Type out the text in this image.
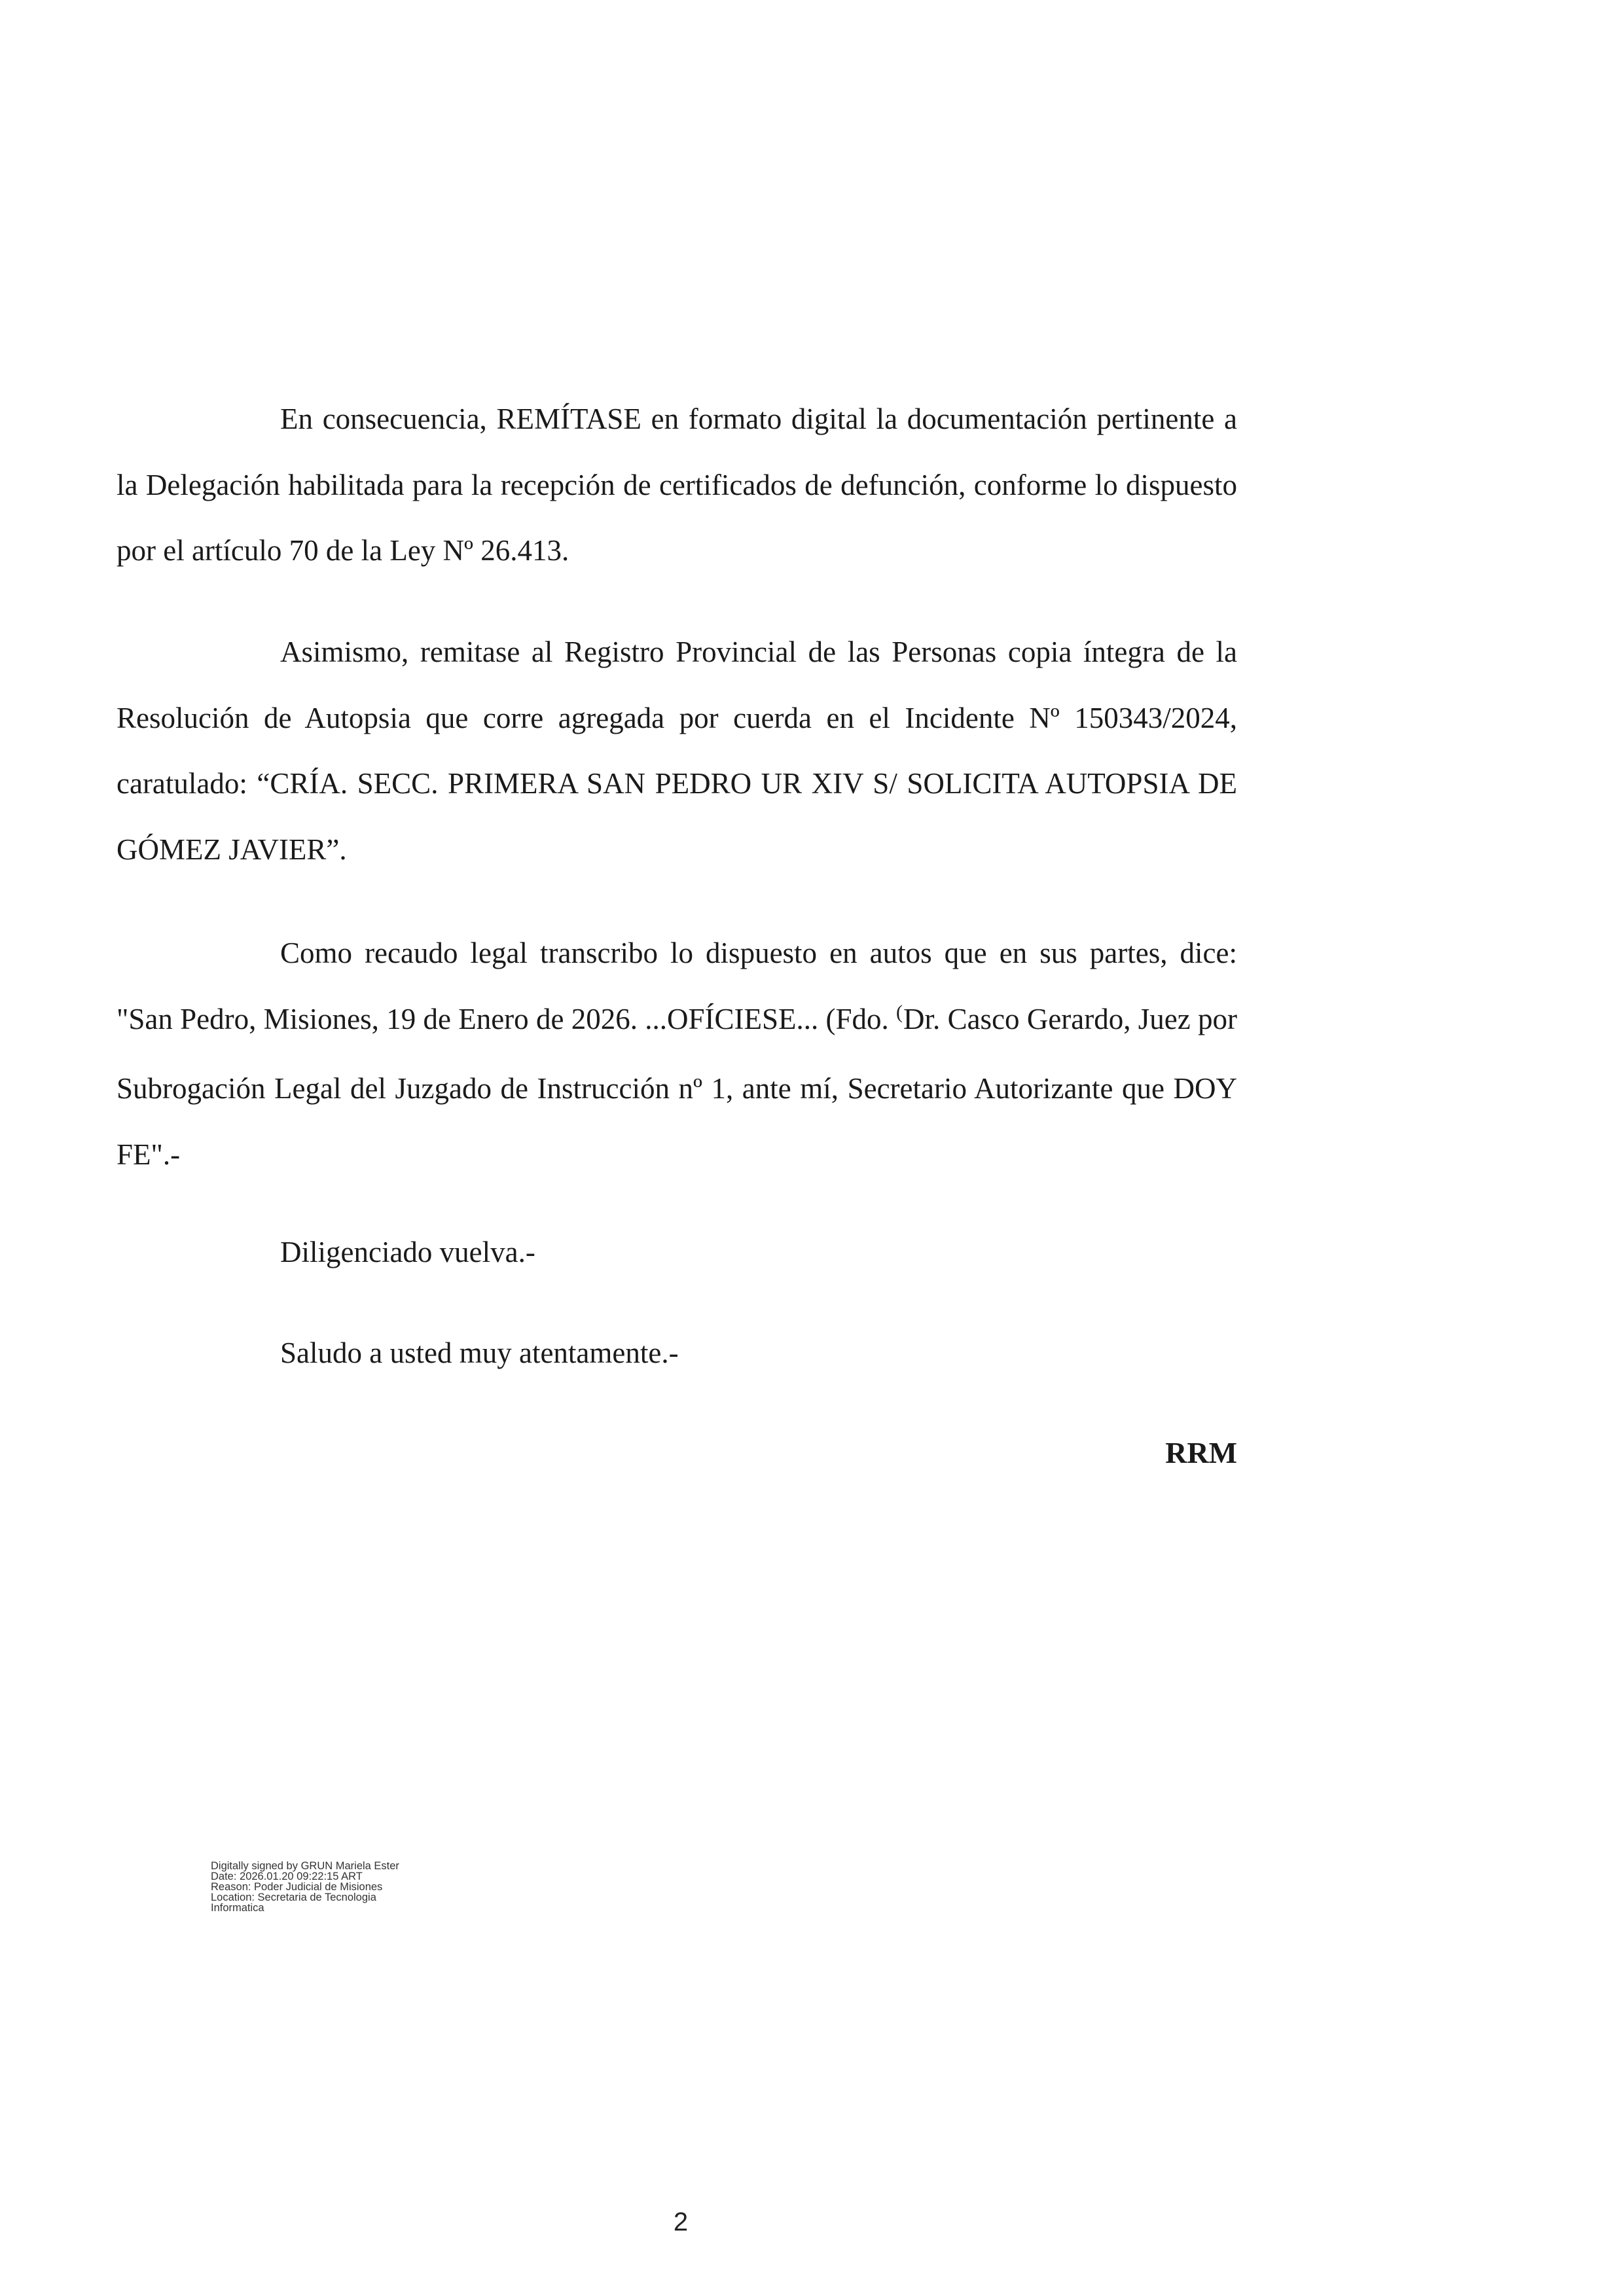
En consecuencia, REMÍTASE en formato digital la documentación pertinente a la Delegación habilitada para la recepción de certificados de defunción, conforme lo dispuesto por el artículo 70 de la Ley Nº 26.413.

Asimismo, remitase al Registro Provincial de las Personas copia íntegra de la Resolución de Autopsia que corre agregada por cuerda en el Incidente Nº 150343/2024, caratulado: “CRÍA. SECC. PRIMERA SAN PEDRO UR XIV S/ SOLICITA AUTOPSIA DE GÓMEZ JAVIER”.

Como recaudo legal transcribo lo dispuesto en autos que en sus partes, dice: "San Pedro, Misiones, 19 de Enero de 2026. ...OFÍCIESE... (Fdo. (Dr. Casco Gerardo, Juez por Subrogación Legal del Juzgado de Instrucción nº 1, ante mí, Secretario Autorizante que DOY FE".-

Diligenciado vuelva.-

Saludo a usted muy atentamente.-

RRM

Digitally signed by GRUN Mariela Ester
Date: 2026.01.20 09:22:15 ART
Reason: Poder Judicial de Misiones
Location: Secretaria de Tecnologia
Informatica
2
